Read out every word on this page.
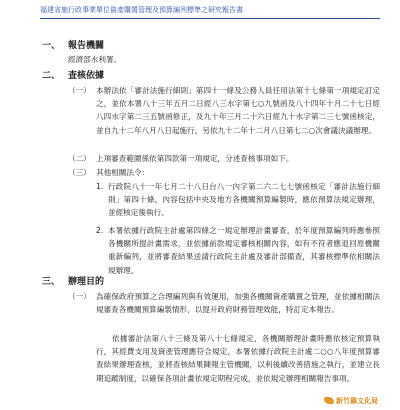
福建省施行政事業單位資產購置管理及預算編列標準之研究報告書
一、 報告機關
經濟部水利署。
二、 查核依據
（一） 本辦法依「審計法施行細則」第四十一條及公務人員任用法第十七條第一項規定訂定之，並依本署八十三年五月二日經八三水字第七○九號函及八十四年十月二十七日經八四水字第二三五號函修正，及九十年三月二十六日經九十水字第二三七號函核定，並自九十二年八月八日起施行，另依九十二年十二月八日第七二○次會議決議辦理。
（二） 上項審查範圍係依第四款第一項規定，分述查核事項如下。
（三） 其他相關法令：
1. 行政院八十一年七月二十八日台八一內字第二六二七七號函核定「審計法施行細則」第四十條，內容包括中央及地方各機關預算編製時，應依預算法規定辦理，並經核定後執行。
2. 本署依據行政院主計處第四條之一規定辦理計畫審查，於年度預算編列時應參照各機關所提計畫需求，並依據前款規定審核相關內容，如有不符者應退回原機關重新編列，並將審查結果送請行政院主計處及審計部備查，其審核標準依相關法規辦理。
三、 辦理目的
（一） 為確保政府預算之合理編列與有效運用，加強各機關資產購置之管理，並依據相關法規審查各機關預算編製情形，以提升政府財務管理效能，特訂定本報告。
依據審計法第八十三條及第八十七條規定，各機關辦理計畫時應依核定預算執行，其經費支用及資產管理應符合規定，本署依據行政院主計處二○○八年度預算審查結果辦理查核，並將查核結果陳報主管機關，以利後續改善措施之執行，並建立長期追蹤制度，以確保各項計畫依規定期程完成，並依規定辦理相關報告事項。
新竹縣文化局
